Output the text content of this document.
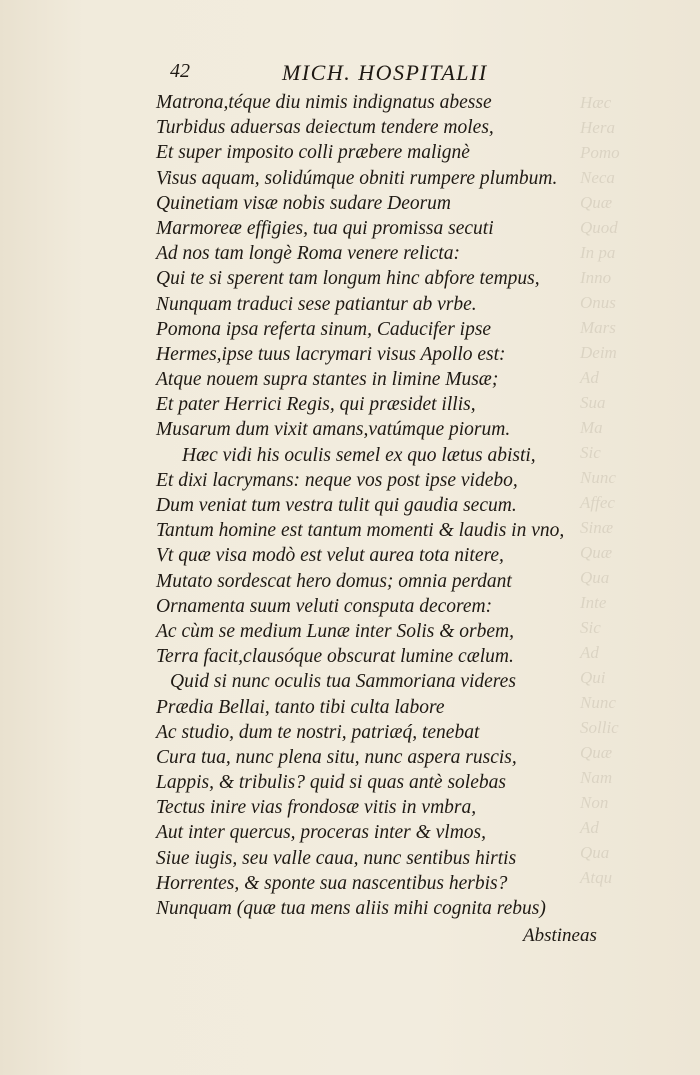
Hæc
Hera
Pomo
Neca
Quæ
Quod
In pa
Inno
Onus
Mars
Deim
Ad
Sua
Ma
Sic
Nunc
Affec
Sinæ
Quæ
Qua
Inte
Sic
Ad
Qui
Nunc
Sollic
Quæ
Nam
Non
Ad
Qua
Atqu
42	MICH. HOSPITALII
Matrona,téque diu nimis indignatus abesse
Turbidus aduersas deiectum tendere moles,
Et super imposito colli præbere malignè
Visus aquam, solidúmque obniti rumpere plumbum.
Quinetiam visæ nobis sudare Deorum
Marmoreæ effigies, tua qui promissa secuti
Ad nos tam longè Roma venere relicta:
Qui te si sperent tam longum hinc abfore tempus,
Nunquam traduci sese patiantur ab vrbe.
Pomona ipsa referta sinum, Caducifer ipse
Hermes,ipse tuus lacrymari visus Apollo est:
Atque nouem supra stantes in limine Musæ;
Et pater Herrici Regis, qui præsidet illis,
Musarum dum vixit amans,vatúmque piorum.
Hæc vidi his oculis semel ex quo lætus abisti,
Et dixi lacrymans: neque vos post ipse videbo,
Dum veniat tum vestra tulit qui gaudia secum.
Tantum homine est tantum momenti & laudis in vno,
Vt quæ visa modò est velut aurea tota nitere,
Mutato sordescat hero domus; omnia perdant
Ornamenta suum veluti consputa decorem:
Ac cùm se medium Lunæ inter Solis & orbem,
Terra facit,clausóque obscurat lumine cælum.
Quid si nunc oculis tua Sammoriana videres
Prædia Bellai, tanto tibi culta labore
Ac studio, dum te nostri, patriæq́, tenebat
Cura tua, nunc plena situ, nunc aspera ruscis,
Lappis, & tribulis? quid si quas antè solebas
Tectus inire vias frondosæ vitis in vmbra,
Aut inter quercus, proceras inter & vlmos,
Siue iugis, seu valle caua, nunc sentibus hirtis
Horrentes, & sponte sua nascentibus herbis?
Nunquam (quæ tua mens aliis mihi cognita rebus)
Abstineas
